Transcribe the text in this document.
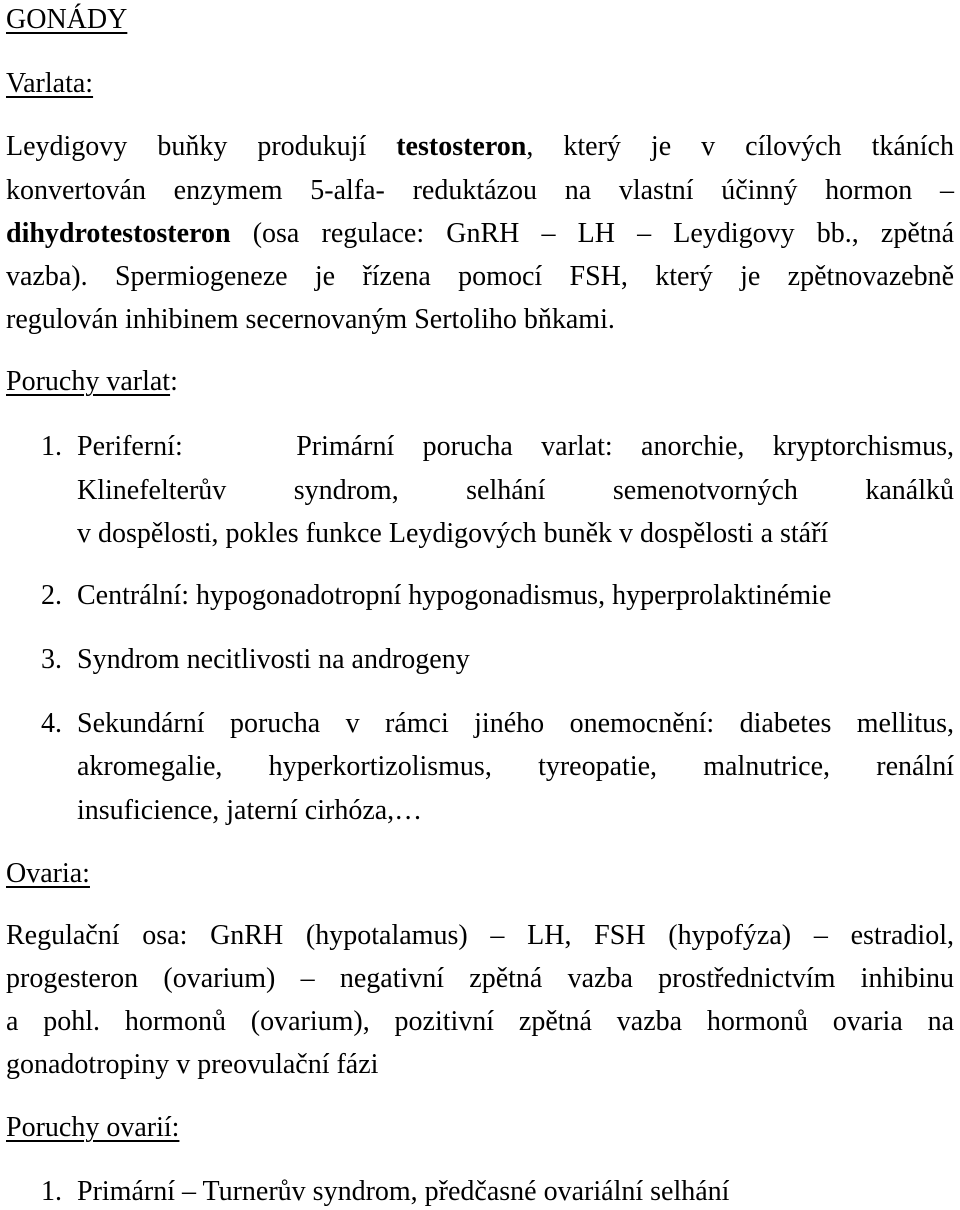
GONÁDY
Varlata:
Leydigovy buňky produkují testosteron, který je v cílových tkáních
konvertován enzymem 5-alfa- reduktázou na vlastní účinný hormon –
dihydrotestosteron (osa regulace: GnRH – LH – Leydigovy bb., zpětná
vazba). Spermiogeneze je řízena pomocí FSH, který je zpětnovazebně
regulován inhibinem secernovaným Sertoliho bňkami.
Poruchy varlat:
1. Periferní:    Primární porucha varlat: anorchie, kryptorchismus,
Klinefelterův syndrom, selhání semenotvorných kanálků
v dospělosti, pokles funkce Leydigových buněk v dospělosti a stáří
2. Centrální: hypogonadotropní hypogonadismus, hyperprolaktinémie
3. Syndrom necitlivosti na androgeny
4. Sekundární porucha v rámci jiného onemocnění: diabetes mellitus,
akromegalie, hyperkortizolismus, tyreopatie, malnutrice, renální
insuficience, jaterní cirhóza,…
Ovaria:
Regulační osa: GnRH (hypotalamus) – LH, FSH (hypofýza) – estradiol,
progesteron (ovarium) – negativní zpětná vazba prostřednictvím inhibinu
a pohl. hormonů (ovarium), pozitivní zpětná vazba hormonů ovaria na
gonadotropiny v preovulační fázi
Poruchy ovarií:
1. Primární – Turnerův syndrom, předčasné ovariální selhání
